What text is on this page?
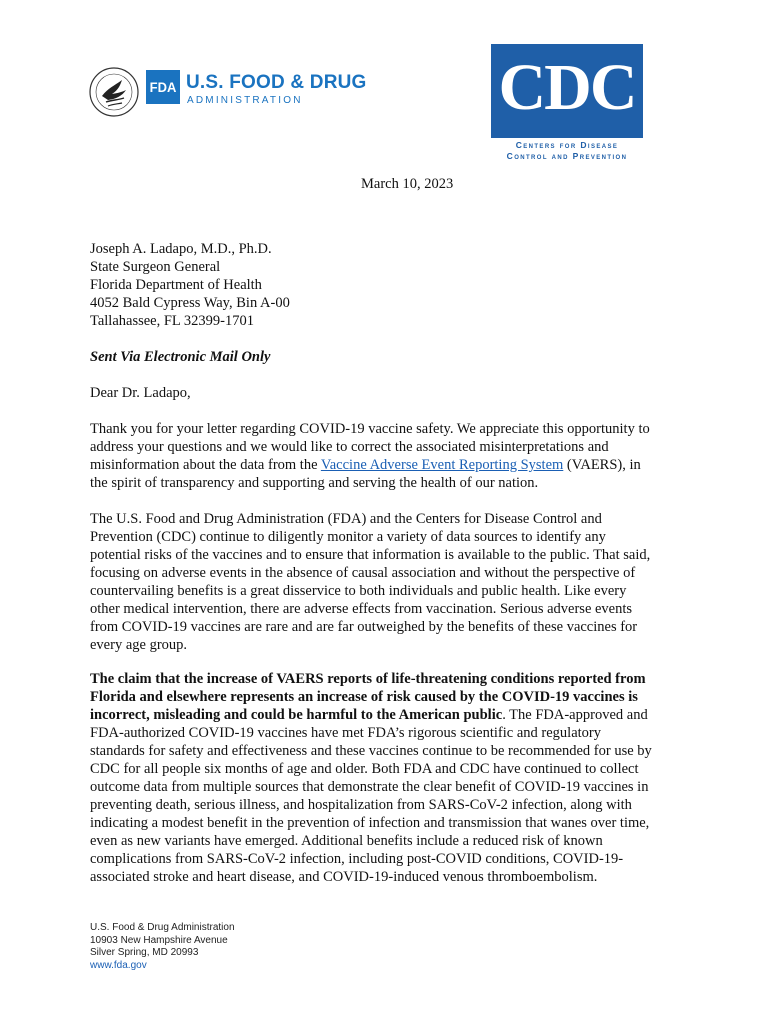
FDA U.S. FOOD & DRUG
ADMINISTRATION	CDC
Centers for Disease
Control and Prevention
March 10, 2023
Joseph A. Ladapo, M.D., Ph.D.
State Surgeon General
Florida Department of Health
4052 Bald Cypress Way, Bin A-00
Tallahassee, FL 32399-1701
Sent Via Electronic Mail Only
Dear Dr. Ladapo,
Thank you for your letter regarding COVID-19 vaccine safety. We appreciate this opportunity to
address your questions and we would like to correct the associated misinterpretations and
misinformation about the data from the Vaccine Adverse Event Reporting System (VAERS), in
the spirit of transparency and supporting and serving the health of our nation.
The U.S. Food and Drug Administration (FDA) and the Centers for Disease Control and
Prevention (CDC) continue to diligently monitor a variety of data sources to identify any
potential risks of the vaccines and to ensure that information is available to the public. That said,
focusing on adverse events in the absence of causal association and without the perspective of
countervailing benefits is a great disservice to both individuals and public health. Like every
other medical intervention, there are adverse effects from vaccination. Serious adverse events
from COVID-19 vaccines are rare and are far outweighed by the benefits of these vaccines for
every age group.
The claim that the increase of VAERS reports of life-threatening conditions reported from
Florida and elsewhere represents an increase of risk caused by the COVID-19 vaccines is
incorrect, misleading and could be harmful to the American public. The FDA-approved and
FDA-authorized COVID-19 vaccines have met FDA’s rigorous scientific and regulatory
standards for safety and effectiveness and these vaccines continue to be recommended for use by
CDC for all people six months of age and older. Both FDA and CDC have continued to collect
outcome data from multiple sources that demonstrate the clear benefit of COVID-19 vaccines in
preventing death, serious illness, and hospitalization from SARS-CoV-2 infection, along with
indicating a modest benefit in the prevention of infection and transmission that wanes over time,
even as new variants have emerged. Additional benefits include a reduced risk of known
complications from SARS-CoV-2 infection, including post-COVID conditions, COVID-19-
associated stroke and heart disease, and COVID-19-induced venous thromboembolism.
U.S. Food & Drug Administration
10903 New Hampshire Avenue
Silver Spring, MD 20993
www.fda.gov
